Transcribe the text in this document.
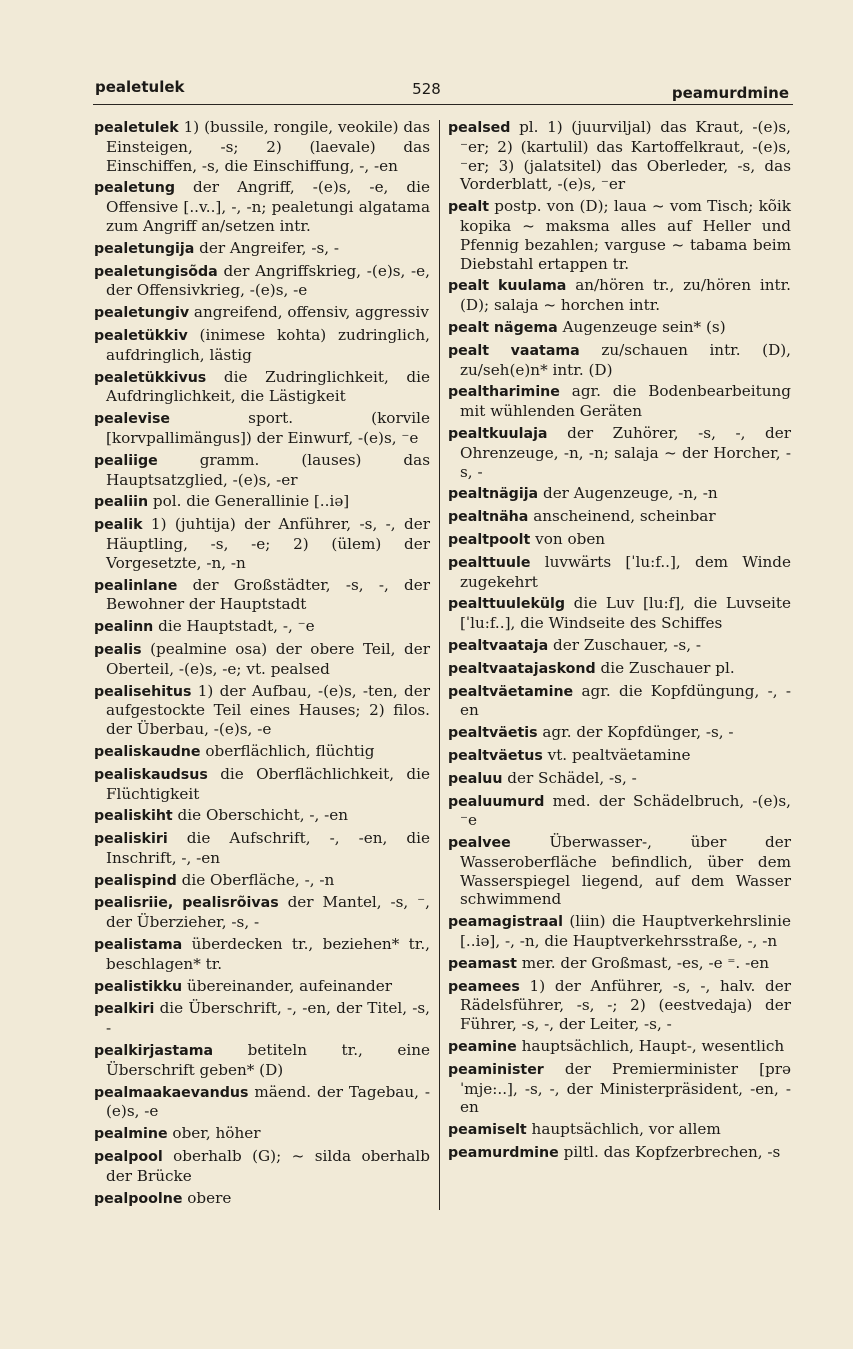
pealetulek	528	peamurdmine

pealetulek 1) (bussile, rongile, veokile) das Einsteigen, -s; 2) (laevale) das Einschiffen, -s, die Einschiffung, -, -en

pealetung der Angriff, -(e)s, -e, die Offensive [..v..], -, -n; pealetungi algatama zum Angriff an/setzen intr.

pealetungija der Angreifer, -s, -

pealetungisõda der Angriffskrieg, -(e)s, -e, der Offensivkrieg, -(e)s, -e

pealetungiv angreifend, offensiv, aggressiv

pealetükkiv (inimese kohta) zudringlich, aufdringlich, lästig

pealetükkivus die Zudringlichkeit, die Aufdringlichkeit, die Lästigkeit

pealevise	sport. (korvile [korvpallimängus]) der Einwurf, -(e)s, ⁻e

pealiige	gramm. (lauses) das Hauptsatzglied, -(e)s, -er

pealiin pol. die Generallinie [..iə]

pealik 1) (juhtija) der Anführer, -s, -, der Häuptling, -s, -e; 2) (ülem) der Vorgesetzte, -n, -n

pealinlane der Großstädter, -s, -, der Bewohner der Hauptstadt

pealinn die Hauptstadt, -, ⁻e

pealis (pealmine osa) der obere Teil, der Oberteil, -(e)s, -e; vt. pealsed

pealisehitus 1) der Aufbau, -(e)s, -ten, der aufgestockte Teil eines Hauses; 2) filos. der Überbau, -(e)s, -e

pealiskaudne oberflächlich, flüchtig

pealiskaudsus die Oberflächlichkeit, die Flüchtigkeit

pealiskiht die Oberschicht, -, -en

pealiskiri die Aufschrift, -, -en, die Inschrift, -, -en

pealispind die Oberfläche, -, -n

pealisriie, pealisrõivas der Mantel, -s, ⁻, der Überzieher, -s, -

pealistama überdecken tr., beziehen* tr., beschlagen* tr.

pealistikku übereinander, aufeinander

pealkiri die Überschrift, -, -en, der Titel, -s, -

pealkirjastama betiteln tr., eine Überschrift geben* (D)

pealmaakaevandus mäend. der Tagebau, -(e)s, -e

pealmine ober, höher

pealpool oberhalb (G); ~ silda oberhalb der Brücke

pealpoolne obere

pealsed pl. 1) (juurviljal) das Kraut, -(e)s, ⁻er; 2) (kartulil) das Kartoffelkraut, -(e)s, ⁻er; 3) (jalatsitel) das Oberleder, -s, das Vorderblatt, -(e)s, ⁻er

pealt postp. von (D); laua ~ vom Tisch; kõik kopika ~ maksma alles auf Heller und Pfennig bezahlen; varguse ~ tabama beim Diebstahl ertappen tr.

pealt kuulama an/hören tr., zu/hören intr. (D); salaja ~ horchen intr.

pealt nägema Augenzeuge sein* (s)

pealt vaatama zu/schauen intr. (D), zu/seh(e)n* intr. (D)

pealtharimine agr. die Bodenbearbeitung mit wühlenden Geräten

pealtkuulaja der Zuhörer, -s, -, der Ohrenzeuge, -n, -n; salaja ~ der Horcher, -s, -

pealtnägija der Augenzeuge, -n, -n

pealtnäha anscheinend, scheinbar

pealtpoolt von oben

pealttuule luvwärts [ˈlu:f..], dem Winde zugekehrt

pealttuulekülg die Luv [lu:f], die Luvseite [ˈlu:f..], die Windseite des Schiffes

pealtvaataja der Zuschauer, -s, -

pealtvaatajaskond die Zuschauer pl.

pealtväetamine agr. die Kopfdüngung, -, -en

pealtväetis agr. der Kopfdünger, -s, -

pealtväetus vt. pealtväetamine

pealuu der Schädel, -s, -

pealuumurd med. der Schädelbruch, -(e)s, ⁻e

pealvee	Überwasser-, über der Wasseroberfläche befindlich, über dem Wasserspiegel liegend, auf dem Wasser schwimmend

peamagistraal (liin) die Hauptverkehrslinie [..iə], -, -n, die Hauptverkehrsstraße, -, -n

peamast mer. der Großmast, -es, -e ⁼. -en

peamees 1) der Anführer, -s, -, halv. der Rädelsführer, -s, -; 2) (eestvedaja) der Führer, -s, -, der Leiter, -s, -

peamine hauptsächlich, Haupt-, wesentlich

peaminister der Premierminister [prəˈmje:..], -s, -, der Ministerpräsident, -en, -en

peamiselt hauptsächlich, vor allem

peamurdmine piltl. das Kopfzerbrechen, -s
